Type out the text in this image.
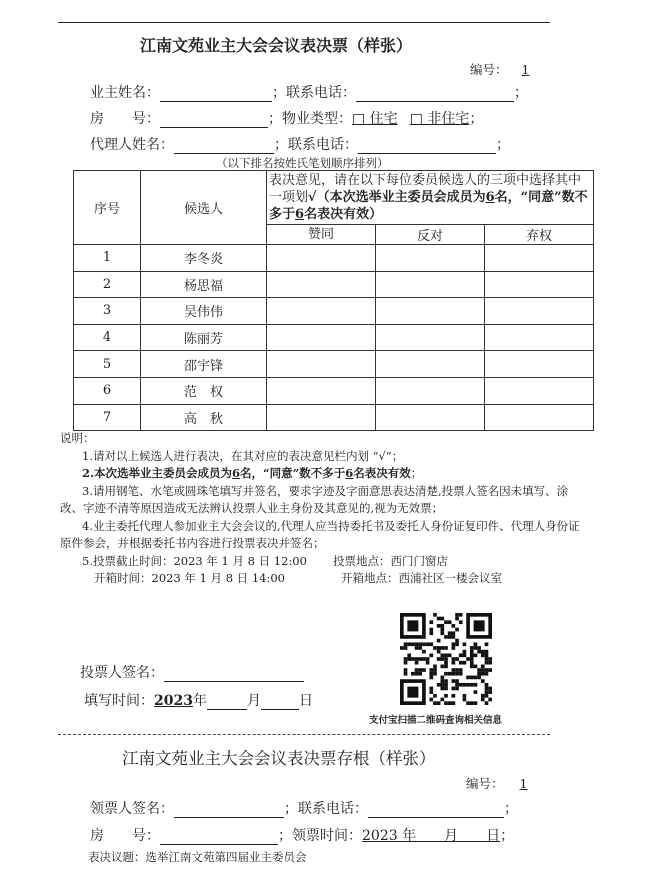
江南文苑业主大会会议表决票（样张）
编号： 1
业主姓名：	；联系电话：	；
房　　号：	；物业类型：□ 住宅 □ 非住宅；
代理人姓名：	；联系电话：	；
（以下排名按姓氏笔划顺序排列）
序号	候选人	表决意见，请在以下每位委员候选人的三项中选择其中一项划√（本次选举业主委员会成员为6名，“同意”数不多于6名表决有效）		
		赞同	反对	弃权
1	李冬炎			
2	杨思福			
3	吴伟伟			
4	陈丽芳			
5	邵宇锋			
6	范　权			
7	高　秋			

说明：

1.请对以上候选人进行表决，在其对应的表决意见栏内划 “√”；

2.本次选举业主委员会成员为6名，“同意”数不多于6名表决有效；

3.请用钢笔、水笔或圆珠笔填写并签名，要求字迹及字面意思表达清楚,投票人签名因未填写、涂改、字迹不清等原因造成无法辨认投票人业主身份及其意见的,视为无效票；

4.业主委托代理人参加业主大会会议的,代理人应当持委托书及委托人身份证复印件、代理人身份证原件参会，并根据委托书内容进行投票表决并签名；

5.投票截止时间：2023 年 1 月 8 日 12:00 投票地点：西门门窗店

开箱时间：2023 年 1 月 8 日 14:00	开箱地点：西浦社区一楼会议室

支付宝扫描二维码查询相关信息
投票人签名：
填写时间：2023年	月	日
江南文苑业主大会会议表决票存根（样张）
编号： 1
领票人签名：	；联系电话：	；
房　　号：	；领票时间：2023 年　　月　　日；
表决议题：选举江南文苑第四届业主委员会
